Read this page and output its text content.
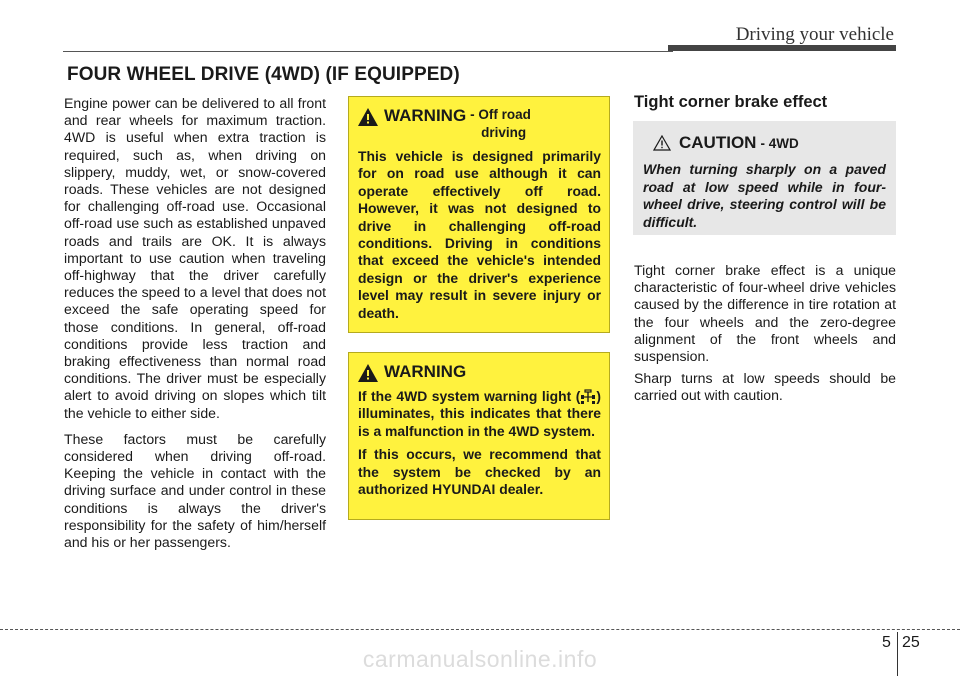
Driving your vehicle
FOUR WHEEL DRIVE (4WD) (IF EQUIPPED)

Engine power can be delivered to all front and rear wheels for maximum traction. 4WD is useful when extra traction is required, such as, when driving on slippery, muddy, wet, or snow-covered roads. These vehicles are not designed for challenging off-road use. Occasional off-road use such as established unpaved roads and trails are OK. It is always important to use caution when traveling off-highway that the driver carefully reduces the speed to a level that does not exceed the safe operating speed for those conditions. In general, off-road conditions provide less traction and braking effectiveness than normal road conditions. The driver must be especially alert to avoid driving on slopes which tilt the vehicle to either side.

These factors must be carefully considered when driving off-road. Keeping the vehicle in contact with the driving surface and under control in these conditions is always the driver's responsibility for the safety of him/herself and his or her passengers.

WARNING - Off road
driving

This vehicle is designed primarily for on road use although it can operate effectively off road. However, it was not designed to drive in challenging off-road conditions. Driving in conditions that exceed the vehicle's intended design or the driver's experience level may result in severe injury or death.

WARNING

If the 4WD system warning light ( ) illuminates, this indicates that there is a malfunction in the 4WD system.

If this occurs, we recommend that the system be checked by an authorized HYUNDAI dealer.

Tight corner brake effect
CAUTION - 4WD

When turning sharply on a paved road at low speed while in four-wheel drive, steering control will be difficult.

Tight corner brake effect is a unique characteristic of four-wheel drive vehicles caused by the difference in tire rotation at the four wheels and the zero-degree alignment of the front wheels and suspension.

Sharp turns at low speeds should be carried out with caution.

5 25
carmanualsonline.info
